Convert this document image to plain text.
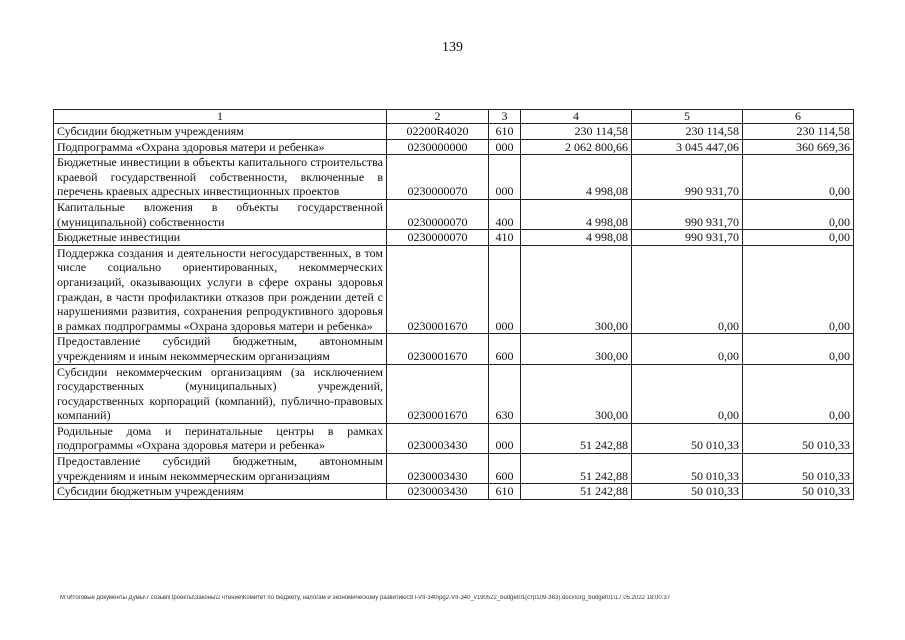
139
1	2	3	4	5	6
Субсидии бюджетным учреждениям	02200R4020	610	230 114,58	230 114,58	230 114,58
Подпрограмма «Охрана здоровья матери и ребенка»	0230000000	000	2 062 800,66	3 045 447,06	360 669,36
Бюджетные инвестиции в объекты капитального строительства краевой государственной собственности, включенные в перечень краевых адресных инвестиционных проектов	0230000070	000	4 998,08	990 931,70	0,00
Капитальные вложения в объекты государственной (муниципальной) собственности	0230000070	400	4 998,08	990 931,70	0,00
Бюджетные инвестиции	0230000070	410	4 998,08	990 931,70	0,00
Поддержка создания и деятельности негосударственных, в том числе социально ориентированных, некоммерческих организаций, оказывающих услуги в сфере охраны здоровья граждан, в части профилактики отказов при рождении детей с нарушениями развития, сохранения репродуктивного здоровья в рамках подпрограммы «Охрана здоровья матери и ребенка»	0230001670	000	300,00	0,00	0,00
Предоставление субсидий бюджетным, автономным учреждениям и иным некоммерческим организациям	0230001670	600	300,00	0,00	0,00
Субсидии некоммерческим организациям (за исключением государственных (муниципальных) учреждений, государственных корпораций (компаний), публично-правовых компаний)	0230001670	630	300,00	0,00	0,00
Родильные дома и перинатальные центры в рамках подпрограммы «Охрана здоровья матери и ребенка»	0230003430	000	51 242,88	50 010,33	50 010,33
Предоставление субсидий бюджетным, автономным учреждениям и иным некоммерческим организациям	0230003430	600	51 242,88	50 010,33	50 010,33
Субсидии бюджетным учреждениям	0230003430	610	51 242,88	50 010,33	50 010,33
М:\Итоговые документы Думы\7 созыв\Проекты\Законы\2 чтение\Комитет по бюджету, налогам и экономическому развитию\ЗП-VII-340\pg2-VII-340_v190522_budget01(стр109-383).docx\org_budget01\17.05.2022 18:00:37
